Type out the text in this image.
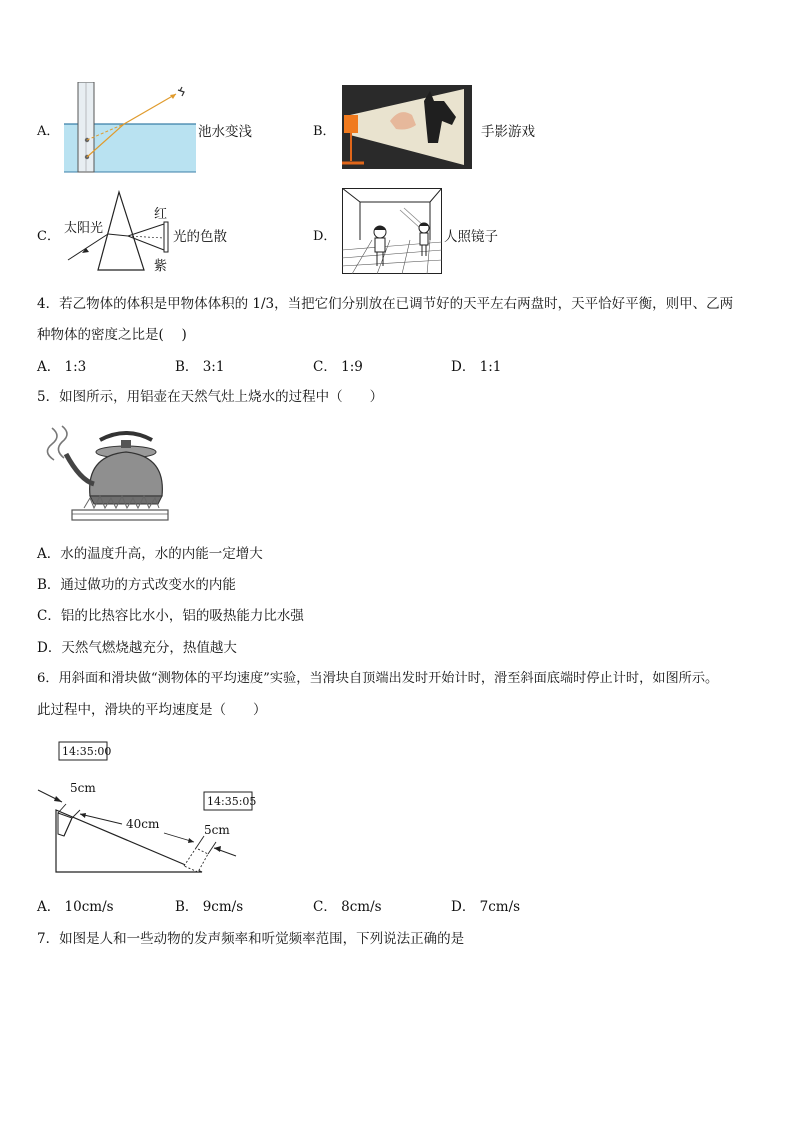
A．	池水变浅	B．	手影游戏
C．
太阳光
红
紫
光的色散	D．	人照镜子
4．若乙物体的体积是甲物体体积的 1/3，当把它们分别放在已调节好的天平左右两盘时，天平恰好平衡，则甲、乙两
种物体的密度之比是(　 )
A． 1:3	B． 3:1	C． 1:9	D． 1:1
5．如图所示，用铝壶在天然气灶上烧水的过程中（　　）
A．水的温度升高，水的内能一定增大
B．通过做功的方式改变水的内能
C．铝的比热容比水小，铝的吸热能力比水强
D．天然气燃烧越充分，热值越大
6．用斜面和滑块做“测物体的平均速度”实验，当滑块自顶端出发时开始计时，滑至斜面底端时停止计时，如图所示。
此过程中，滑块的平均速度是（　　）
14:35:00
14:35:05
5cm
5cm
40cm
A． 10cm/s	B． 9cm/s	C． 8cm/s	D． 7cm/s
7．如图是人和一些动物的发声频率和听觉频率范围，下列说法正确的是
